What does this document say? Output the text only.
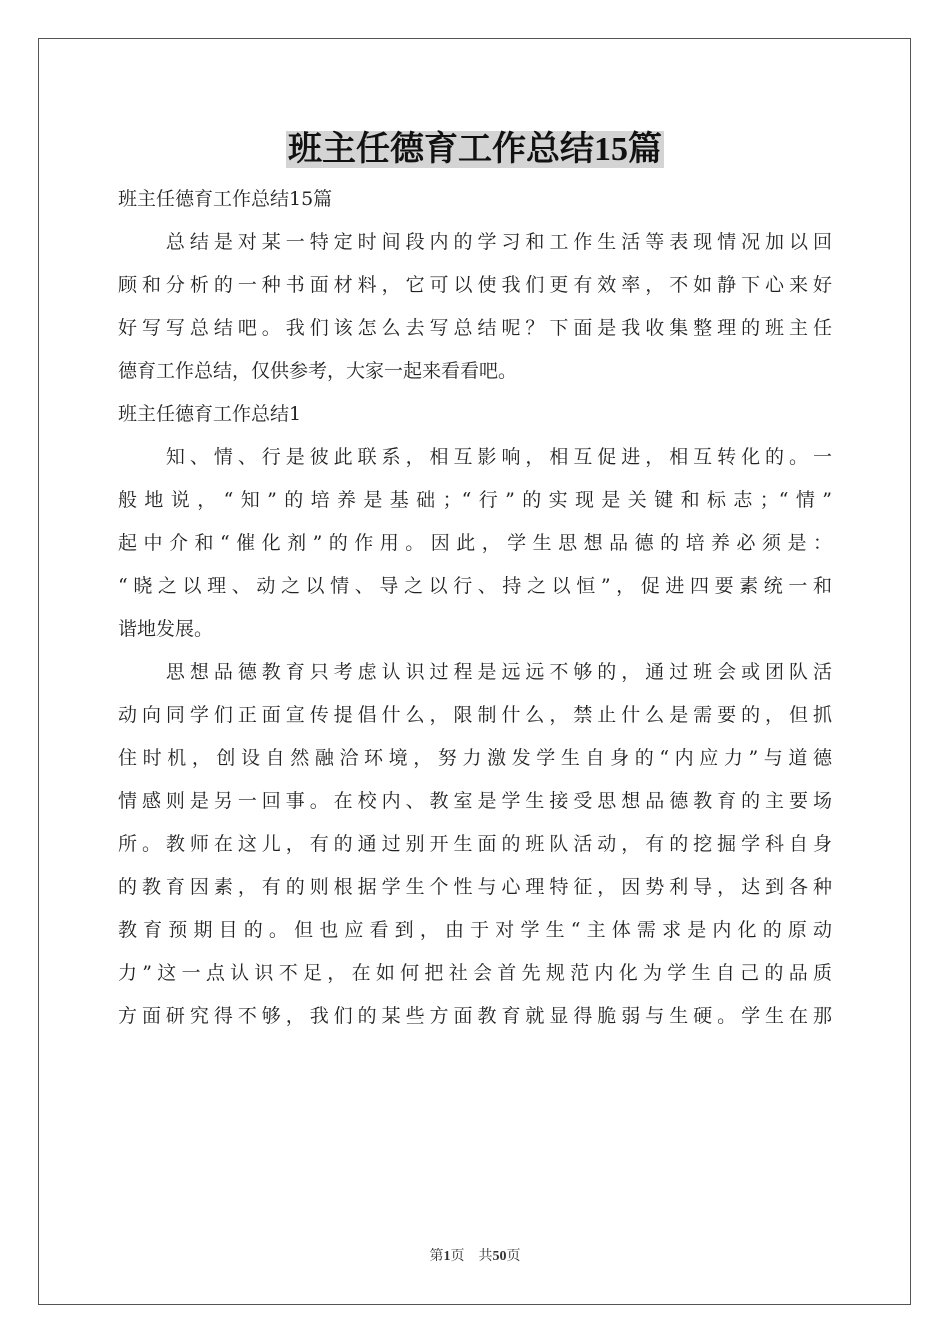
班主任德育工作总结15篇
班主任德育工作总结15篇
　　总结是对某一特定时间段内的学习和工作生活等表现情况加以回
顾和分析的一种书面材料，它可以使我们更有效率，不如静下心来好
好写写总结吧。我们该怎么去写总结呢？下面是我收集整理的班主任
德育工作总结，仅供参考，大家一起来看看吧。
班主任德育工作总结1
　　知、情、行是彼此联系，相互影响，相互促进，相互转化的。一
般地说，“知”的培养是基础；“行”的实现是关键和标志；“情”
起中介和“催化剂”的作用。因此，学生思想品德的培养必须是：
“晓之以理、动之以情、导之以行、持之以恒”，促进四要素统一和
谐地发展。
　　思想品德教育只考虑认识过程是远远不够的，通过班会或团队活
动向同学们正面宣传提倡什么，限制什么，禁止什么是需要的，但抓
住时机，创设自然融洽环境，努力激发学生自身的“内应力”与道德
情感则是另一回事。在校内、教室是学生接受思想品德教育的主要场
所。教师在这儿，有的通过别开生面的班队活动，有的挖掘学科自身
的教育因素，有的则根据学生个性与心理特征，因势利导，达到各种
教育预期目的。但也应看到，由于对学生“主体需求是内化的原动
力”这一点认识不足，在如何把社会首先规范内化为学生自己的品质
方面研究得不够，我们的某些方面教育就显得脆弱与生硬。学生在那
第1页　共50页
